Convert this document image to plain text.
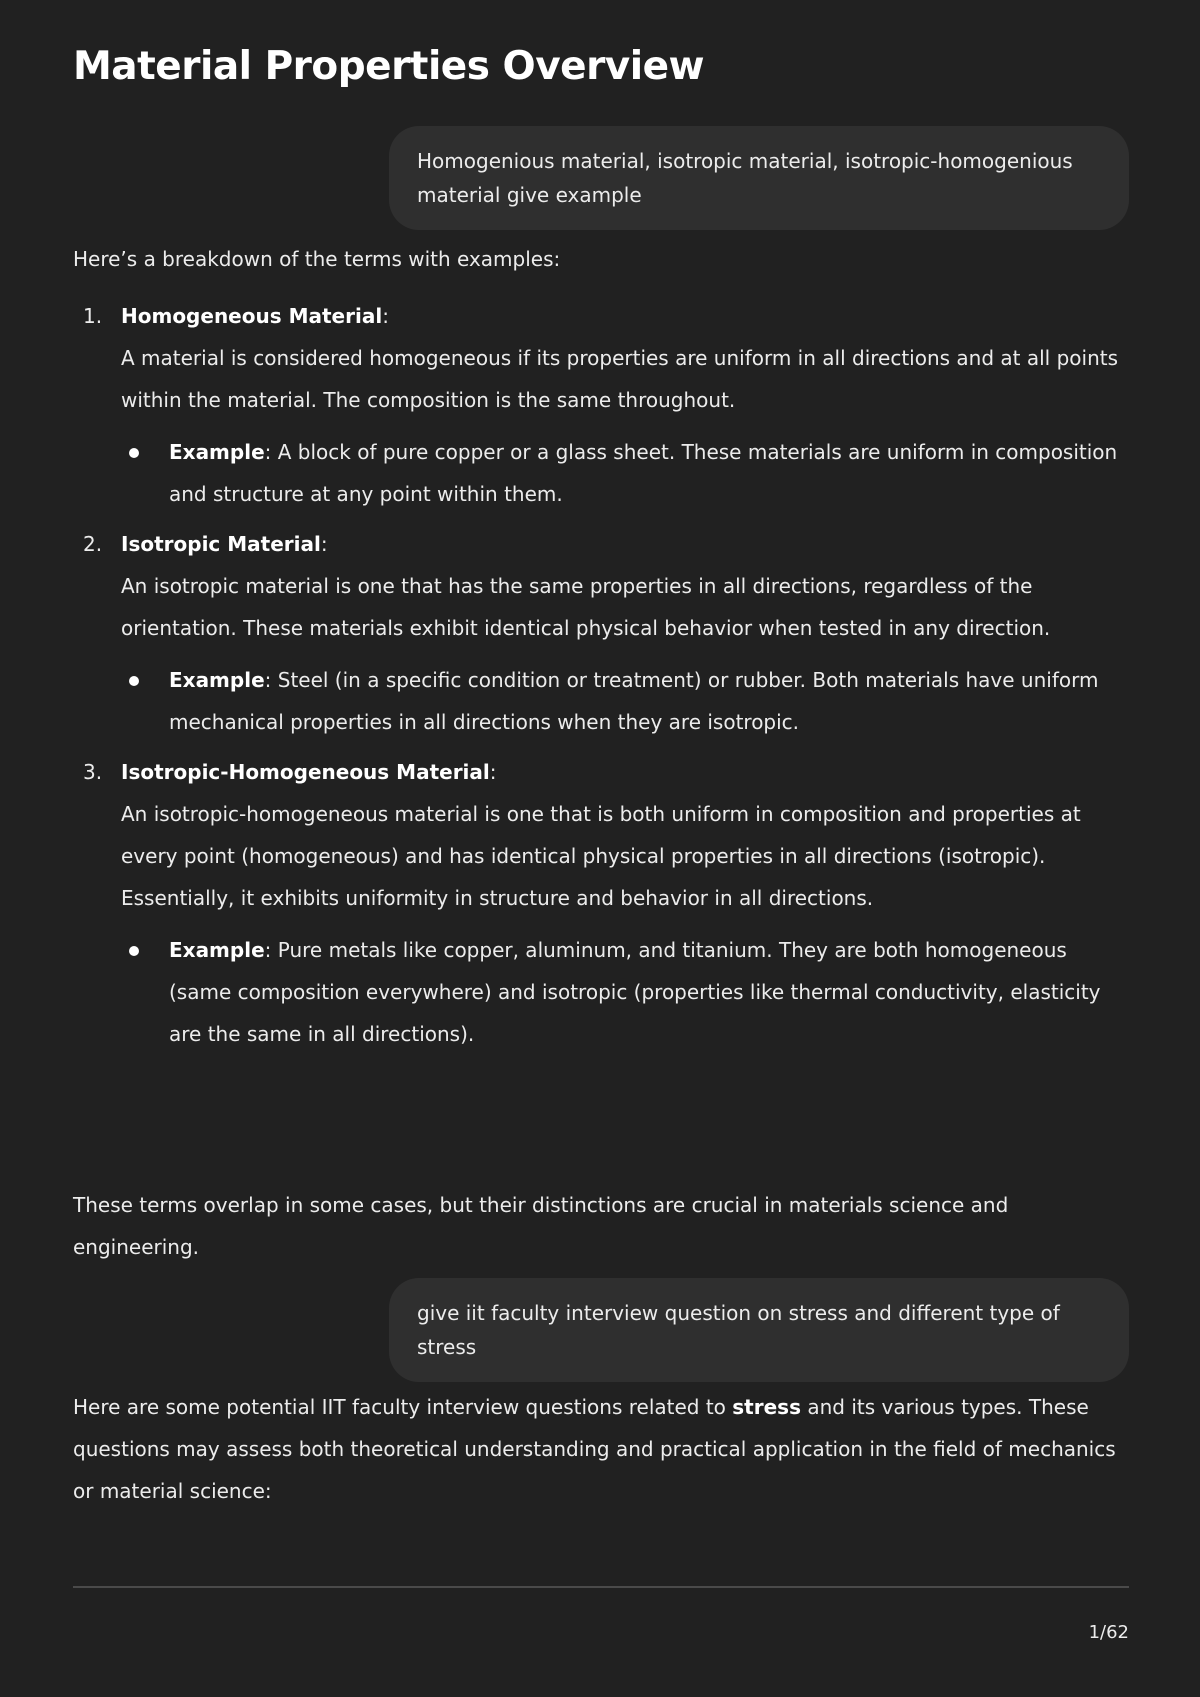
Material Properties Overview
Homogenious material, isotropic material, isotropic-homogenious material give example
Here’s a breakdown of the terms with examples:
1. Homogeneous Material:
A material is considered homogeneous if its properties are uniform in all directions and at all points within the material. The composition is the same throughout.
Example: A block of pure copper or a glass sheet. These materials are uniform in composition and structure at any point within them.
2. Isotropic Material:
An isotropic material is one that has the same properties in all directions, regardless of the orientation. These materials exhibit identical physical behavior when tested in any direction.
Example: Steel (in a specific condition or treatment) or rubber. Both materials have uniform mechanical properties in all directions when they are isotropic.
3. Isotropic-Homogeneous Material:
An isotropic-homogeneous material is one that is both uniform in composition and properties at every point (homogeneous) and has identical physical properties in all directions (isotropic). Essentially, it exhibits uniformity in structure and behavior in all directions.
Example: Pure metals like copper, aluminum, and titanium. They are both homogeneous (same composition everywhere) and isotropic (properties like thermal conductivity, elasticity are the same in all directions).
These terms overlap in some cases, but their distinctions are crucial in materials science and engineering.
give iit faculty interview question on stress and different type of stress
Here are some potential IIT faculty interview questions related to stress and its various types. These questions may assess both theoretical understanding and practical application in the field of mechanics or material science:
1/62
